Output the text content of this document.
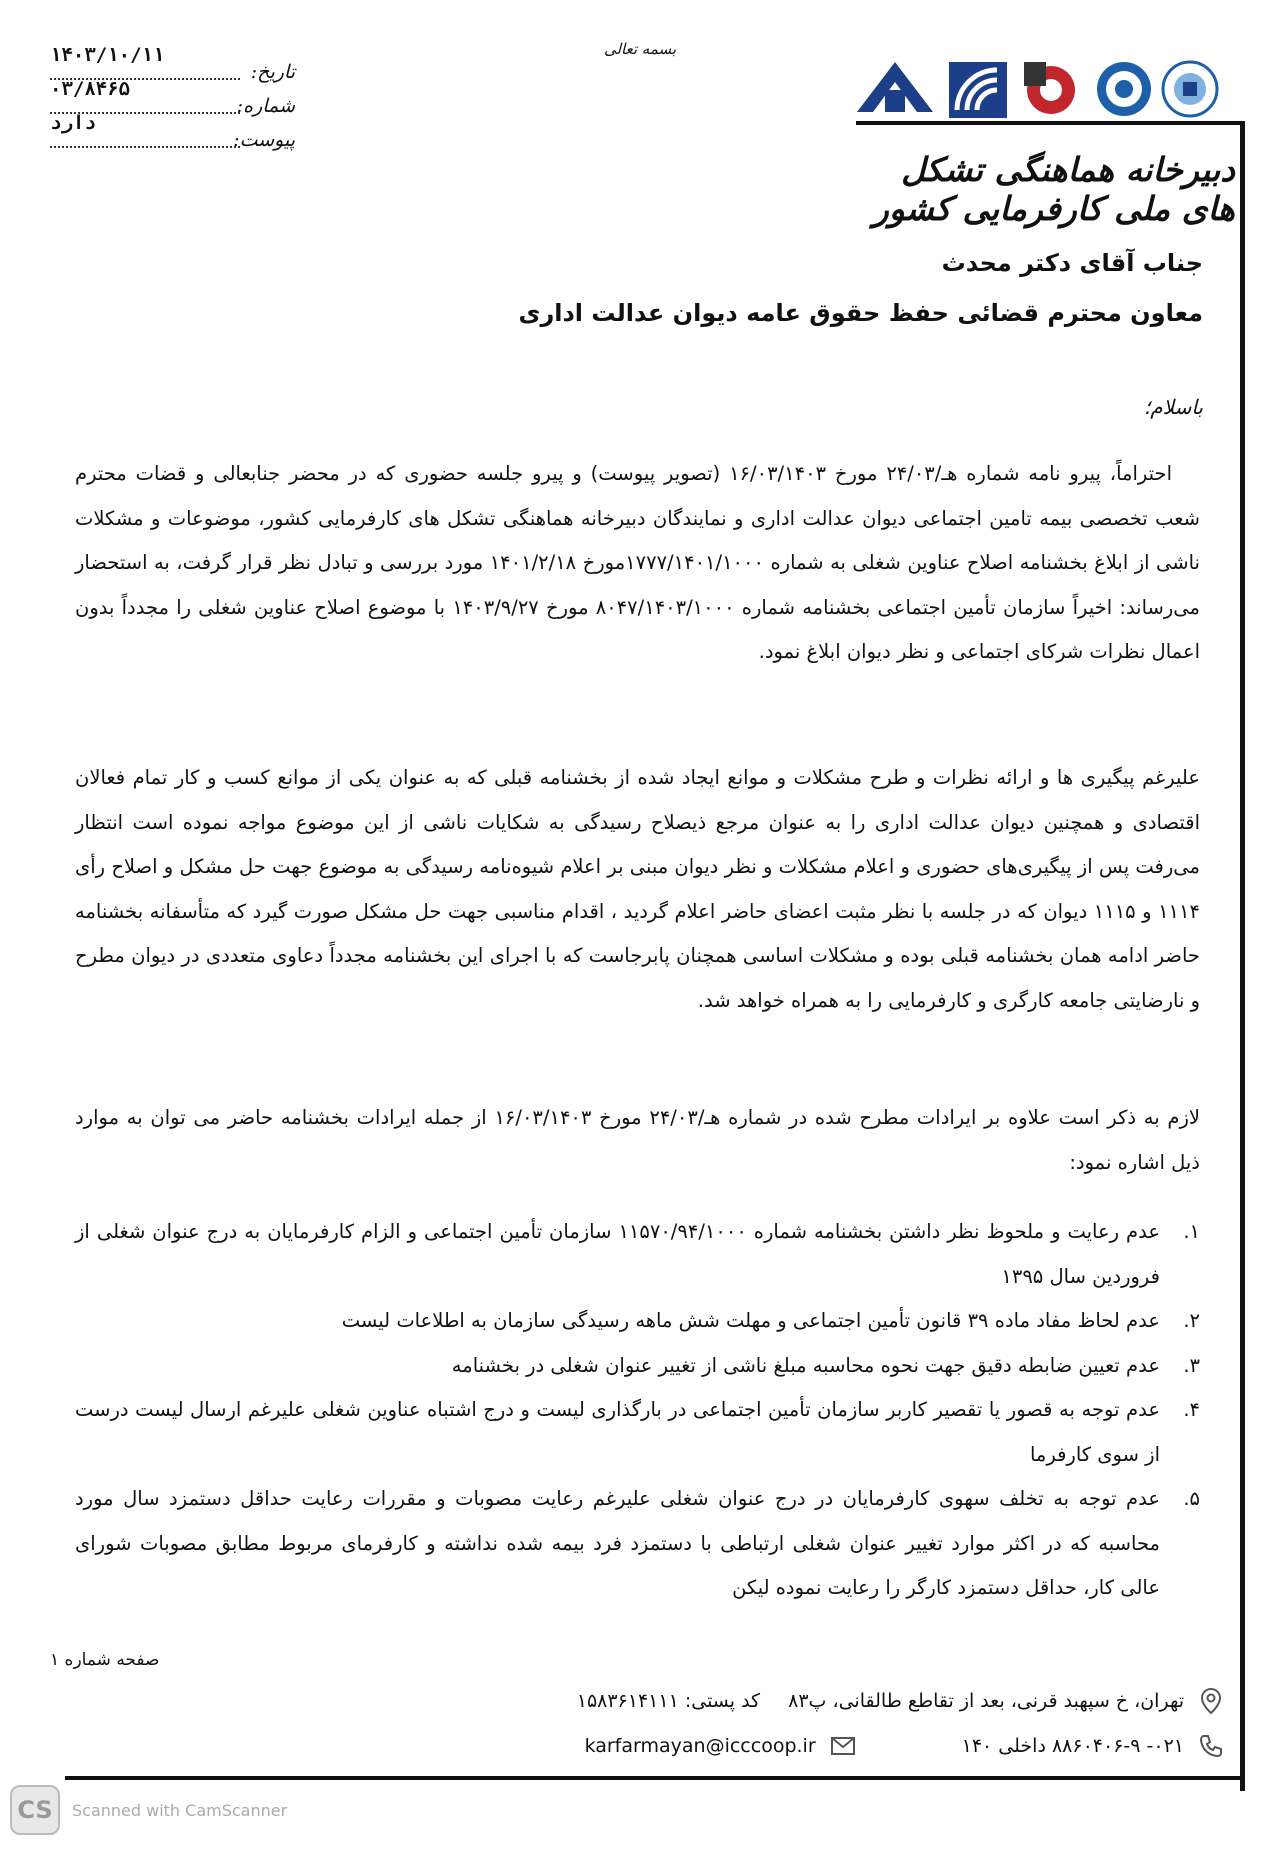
بسمه تعالی
تاریخ:
۱۴۰۳/۱۰/۱۱
شماره:
۰۳/۸۴۶۵
پیوست:
دارد
دبیرخانه هماهنگی تشکل های ملی کارفرمایی کشور
جناب آقای دکتر محدث
معاون محترم قضائی حفظ حقوق عامه دیوان عدالت اداری
باسلام؛
احتراماً، پیرو نامه شماره هـ/۲۴/۰۳ مورخ ۱۶/۰۳/۱۴۰۳ (تصویر پیوست) و پیرو جلسه حضوری که در محضر جنابعالی و قضات محترم شعب تخصصی بیمه تامین اجتماعی دیوان عدالت اداری و نمایندگان دبیرخانه هماهنگی تشکل های کارفرمایی کشور، موضوعات و مشکلات ناشی از ابلاغ بخشنامه اصلاح عناوین شغلی به شماره ۱۷۷۷/۱۴۰۱/۱۰۰۰مورخ ۱۴۰۱/۲/۱۸ مورد بررسی و تبادل نظر قرار گرفت، به استحضار می‌رساند: اخیراً سازمان تأمین اجتماعی بخشنامه شماره ۸۰۴۷/۱۴۰۳/۱۰۰۰ مورخ ۱۴۰۳/۹/۲۷ با موضوع اصلاح عناوین شغلی را مجدداً بدون اعمال نظرات شرکای اجتماعی و نظر دیوان ابلاغ نمود.
علیرغم پیگیری ها و ارائه نظرات و طرح مشکلات و موانع ایجاد شده از بخشنامه قبلی که به عنوان یکی از موانع کسب و کار تمام فعالان اقتصادی و همچنین دیوان عدالت اداری را به عنوان مرجع ذیصلاح رسیدگی به شکایات ناشی از این موضوع مواجه نموده است انتظار می‌رفت پس از پیگیری‌های حضوری و اعلام مشکلات و نظر دیوان مبنی بر اعلام شیوه‌نامه رسیدگی به موضوع جهت حل مشکل و اصلاح رأی ۱۱۱۴ و ۱۱۱۵ دیوان که در جلسه با نظر مثبت اعضای حاضر اعلام گردید ، اقدام مناسبی جهت حل مشکل صورت گیرد که متأسفانه بخشنامه حاضر ادامه همان بخشنامه قبلی بوده و مشکلات اساسی همچنان پابرجاست که با اجرای این بخشنامه مجدداً دعاوی متعددی در دیوان مطرح و نارضایتی جامعه کارگری و کارفرمایی را به همراه خواهد شد.
لازم به ذکر است علاوه بر ایرادات مطرح شده در شماره هـ/۲۴/۰۳ مورخ ۱۶/۰۳/۱۴۰۳ از جمله ایرادات بخشنامه حاضر می توان به موارد ذیل اشاره نمود:
۱.
عدم رعایت و ملحوظ نظر داشتن بخشنامه شماره ۱۱۵۷۰/۹۴/۱۰۰۰ سازمان تأمین اجتماعی و الزام کارفرمایان به درج عنوان شغلی از فروردین سال ۱۳۹۵
۲.
عدم لحاظ مفاد ماده ۳۹ قانون تأمین اجتماعی و مهلت شش ماهه رسیدگی سازمان به اطلاعات لیست
۳.
عدم تعیین ضابطه دقیق جهت نحوه محاسبه مبلغ ناشی از تغییر عنوان شغلی در بخشنامه
۴.
عدم توجه به قصور یا تقصیر کاربر سازمان تأمین اجتماعی در بارگذاری لیست و درج اشتباه عناوین شغلی علیرغم ارسال لیست درست از سوی کارفرما
۵.
عدم توجه به تخلف سهوی کارفرمایان در درج عنوان شغلی علیرغم رعایت مصوبات و مقررات رعایت حداقل دستمزد سال مورد محاسبه که در اکثر موارد تغییر عنوان شغلی ارتباطی با دستمزد فرد بیمه شده نداشته و کارفرمای مربوط مطابق مصوبات شورای عالی کار، حداقل دستمزد کارگر را رعایت نموده لیکن
صفحه شماره ۱
تهران، خ سپهبد قرنی، بعد از تقاطع طالقانی، پ۸۳
کد پستی: ۱۵۸۳۶۱۴۱۱۱
۰۲۱- ۸۸۶۰۴۰۶-۹ داخلی ۱۴۰
karfarmayan@icccoop.ir
CS	Scanned with CamScanner
